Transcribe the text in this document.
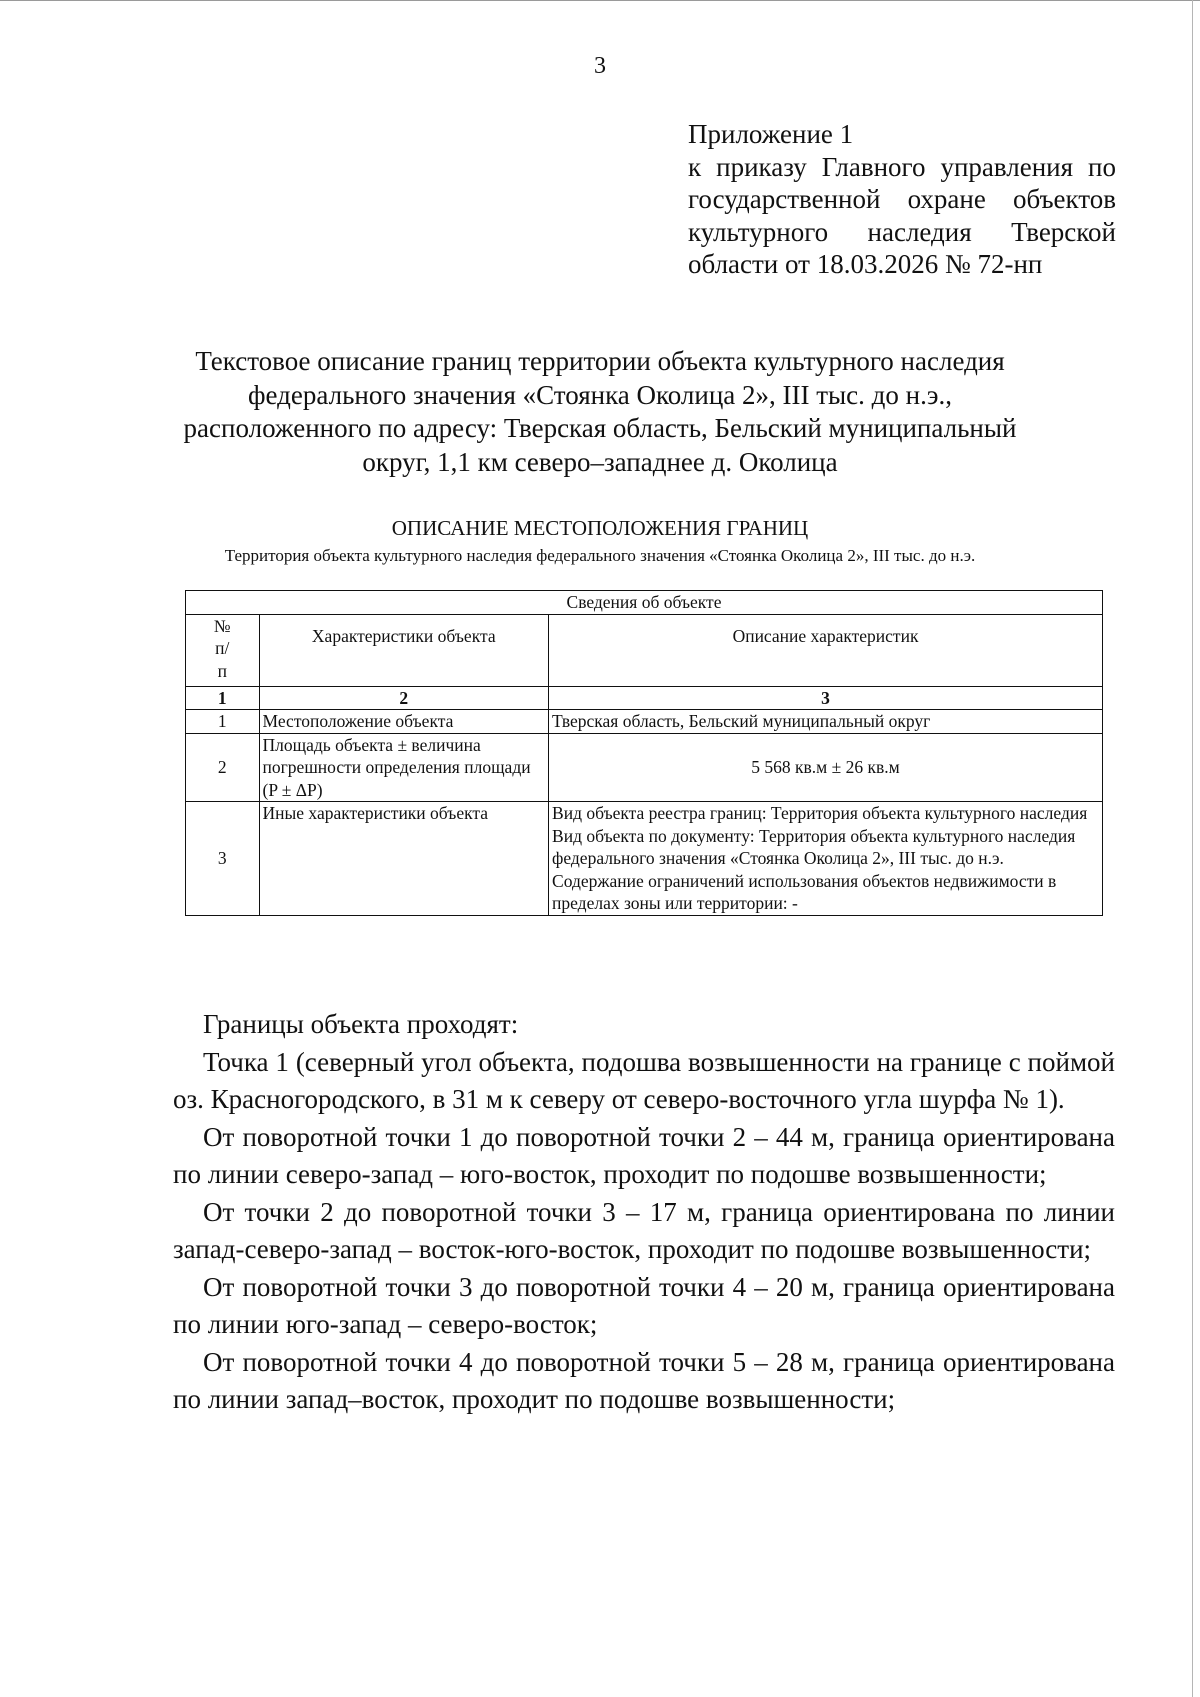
3
Приложение 1
к приказу Главного управления по
государственной охране объектов
культурного наследия Тверской
области от 18.03.2026 № 72-нп
Текстовое описание границ территории объекта культурного наследия
федерального значения «Стоянка Околица 2», III тыс. до н.э.,
расположенного по адресу: Тверская область, Бельский муниципальный
округ, 1,1 км северо–западнее д. Околица
ОПИСАНИЕ МЕСТОПОЛОЖЕНИЯ ГРАНИЦ
Территория объекта культурного наследия федерального значения «Стоянка Околица 2», III тыс. до н.э.
Сведения об объекте		
№
п/
п	Характеристики объекта	Описание характеристик
1	2	3
1	Местоположение объекта	Тверская область, Бельский муниципальный округ
2	Площадь объекта ± величина погрешности определения площади (P ± ΔP)	5 568 кв.м ± 26 кв.м
3	Иные характеристики объекта	Вид объекта реестра границ: Территория объекта культурного наследия
Вид объекта по документу: Территория объекта культурного наследия федерального значения «Стоянка Околица 2», III тыс. до н.э.
Содержание ограничений использования объектов недвижимости в пределах зоны или территории: -

Границы объекта проходят:

Точка 1 (северный угол объекта, подошва возвышенности на границе с поймой оз. Красногородского, в 31 м к северу от северо-восточного угла шурфа № 1).

От поворотной точки 1 до поворотной точки 2 – 44 м, граница ориентирована по линии северо-запад – юго-восток, проходит по подошве возвышенности;

От точки 2 до поворотной точки 3 – 17 м, граница ориентирована по линии запад-северо-запад – восток-юго-восток, проходит по подошве возвышенности;

От поворотной точки 3 до поворотной точки 4 – 20 м, граница ориентирована по линии юго-запад – северо-восток;

От поворотной точки 4 до поворотной точки 5 – 28 м, граница ориентирована по линии запад–восток, проходит по подошве возвышенности;
